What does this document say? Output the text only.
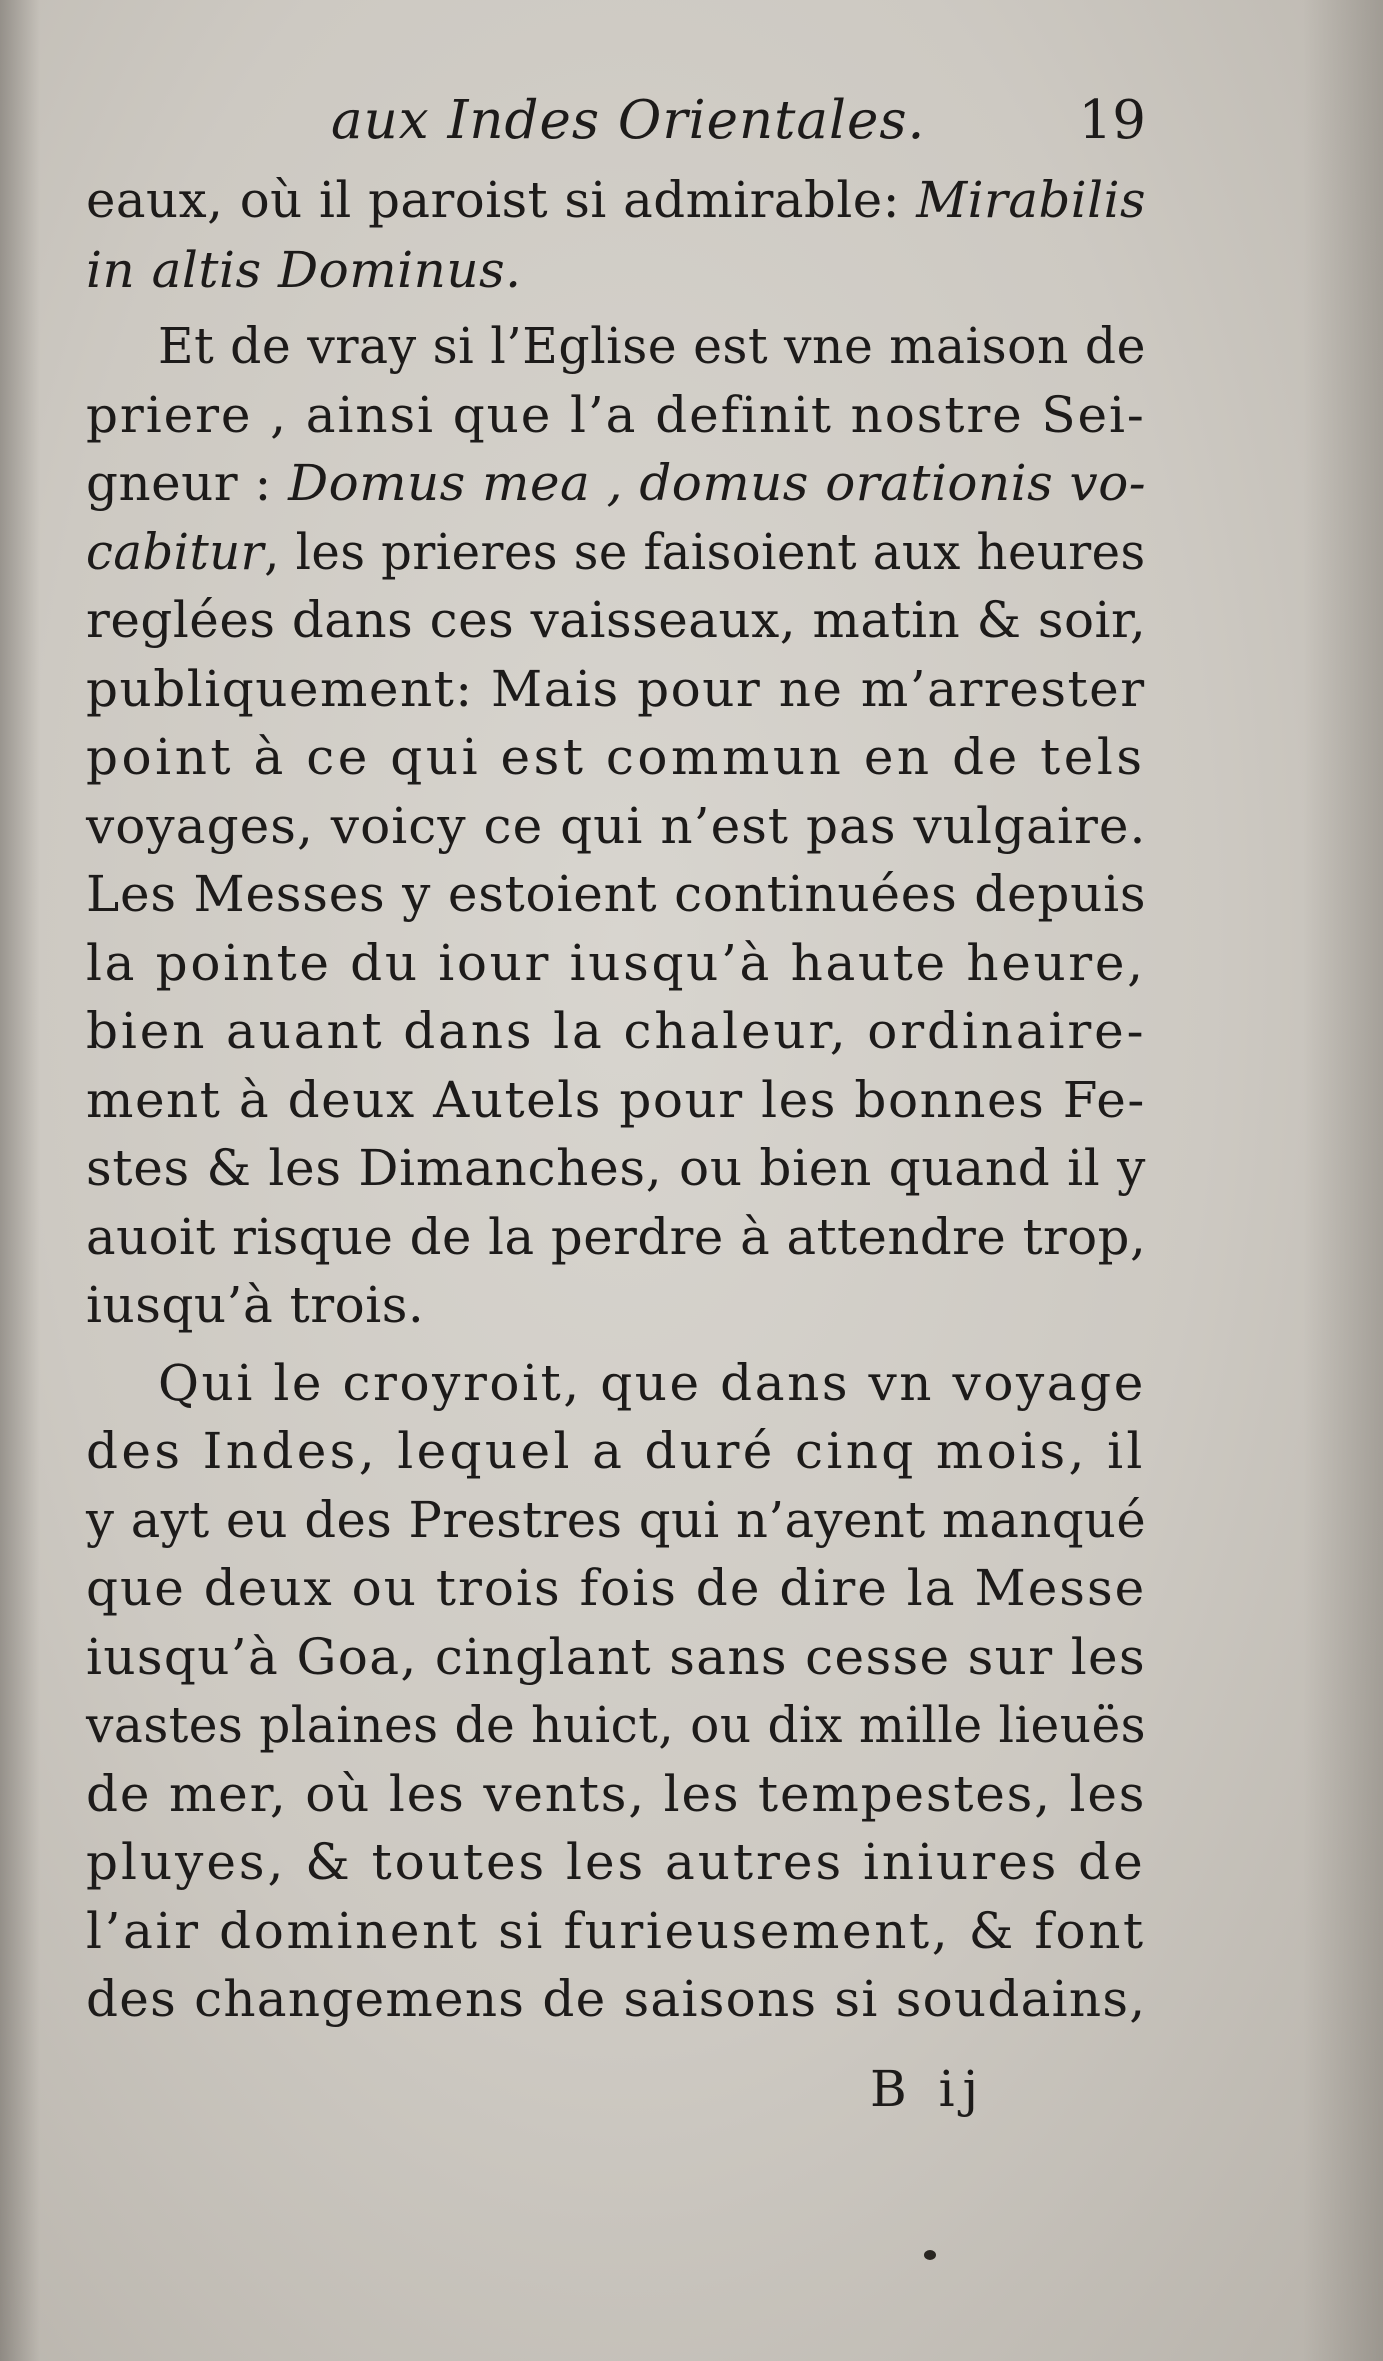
aux Indes Orientales.	19
eaux, où il paroist si admirable: Mirabilis
in altis Dominus.
Et de vray si l’Eglise est vne maison de
priere , ainsi que l’a definit nostre Sei-
gneur : Domus mea , domus orationis vo-
cabitur, les prieres se faisoient aux heures
reglées dans ces vaisseaux, matin & soir,
publiquement: Mais pour ne m’arrester
point à ce qui est commun en de tels
voyages, voicy ce qui n’est pas vulgaire.
Les Messes y estoient continuées depuis
la pointe du iour iusqu’à haute heure,
bien auant dans la chaleur, ordinaire-
ment à deux Autels pour les bonnes Fe-
stes & les Dimanches, ou bien quand il y
auoit risque de la perdre à attendre trop,
iusqu’à trois.
Qui le croyroit, que dans vn voyage
des Indes, lequel a duré cinq mois, il
y ayt eu des Prestres qui n’ayent manqué
que deux ou trois fois de dire la Messe
iusqu’à Goa, cinglant sans cesse sur les
vastes plaines de huict, ou dix mille lieuës
de mer, où les vents, les tempestes, les
pluyes, & toutes les autres iniures de
l’air dominent si furieusement, & font
des changemens de saisons si soudains,
B ij
